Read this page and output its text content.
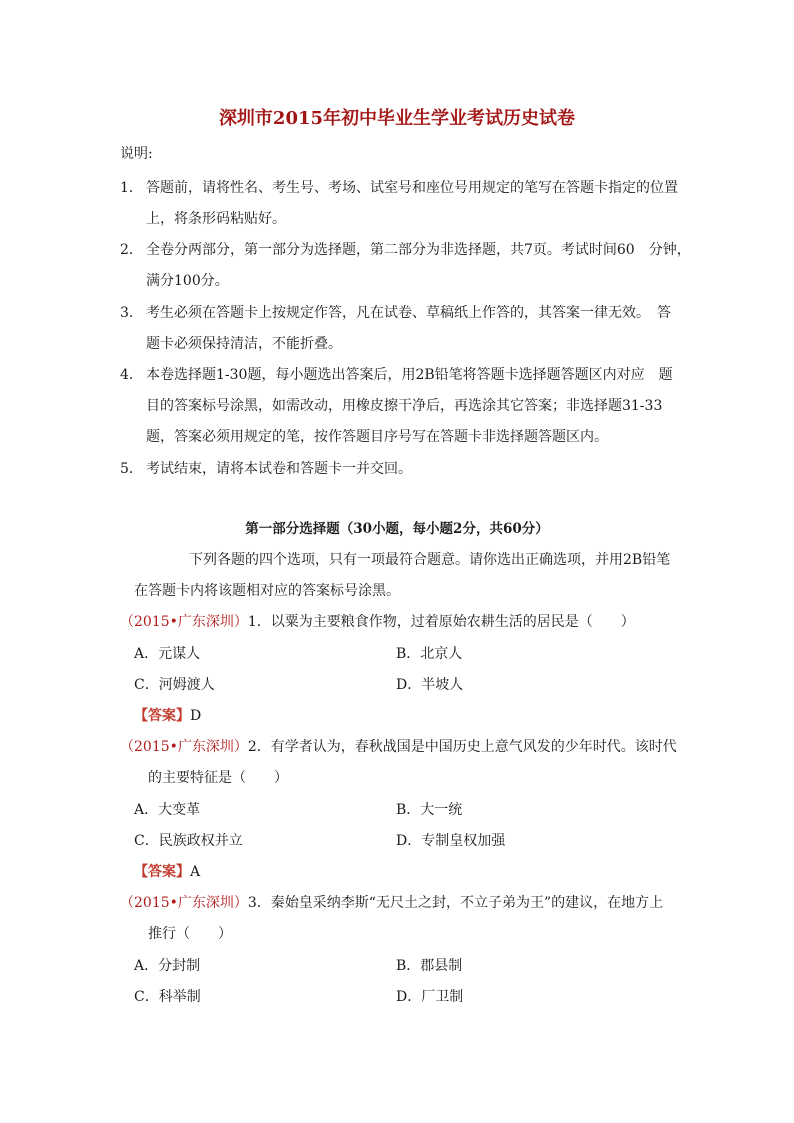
深圳市2015年初中毕业生学业考试历史试卷
说明:
1． 答题前，请将性名、考生号、考场、试室号和座位号用规定的笔写在答题卡指定的位置
上，将条形码粘贴好。
2． 全卷分两部分，第一部分为选择题，第二部分为非选择题，共7页。考试时间60　分钟，
满分100分。
3． 考生必须在答题卡上按规定作答，凡在试卷、草稿纸上作答的，其答案一律无效。　答
题卡必须保持清洁，不能折叠。
4． 本卷选择题1-30题，每小题选出答案后，用2B铅笔将答题卡选择题答题区内对应　题
目的答案标号涂黑，如需改动，用橡皮擦干净后，再选涂其它答案；非选择题31-33
题，答案必须用规定的笔，按作答题目序号写在答题卡非选择题答题区内。
5． 考试结束，请将本试卷和答题卡一并交回。
第一部分选择题（30小题，每小题2分，共60分）
下列各题的四个选项，只有一项最符合题意。请你选出正确选项，并用2B铅笔
在答题卡内将该题相对应的答案标号涂黑。
（2015•广东深圳）1．以粟为主要粮食作物，过着原始农耕生活的居民是（　　）
A．元谋人	B．北京人
C．河姆渡人	D．半坡人
【答案】D
（2015•广东深圳）2．有学者认为，春秋战国是中国历史上意气风发的少年时代。该时代
的主要特征是（　　）
A．大变革	B．大一统
C．民族政权并立	D．专制皇权加强
【答案】A
（2015•广东深圳）3．秦始皇采纳李斯“无尺土之封，不立子弟为王”的建议，在地方上
推行（　　）
A．分封制	B．郡县制
C．科举制	D．厂卫制
